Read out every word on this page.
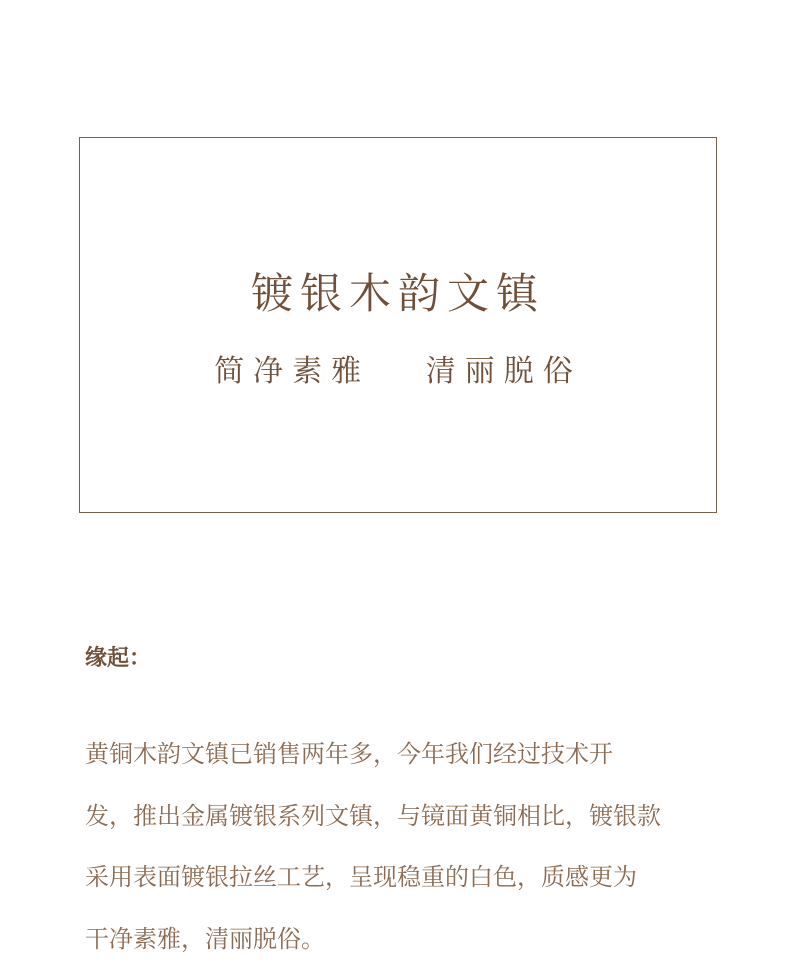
镀银木韵文镇
简净素雅   清丽脱俗
缘起：
黄铜木韵文镇已销售两年多，今年我们经过技术开
发，推出金属镀银系列文镇，与镜面黄铜相比，镀银款
采用表面镀银拉丝工艺，呈现稳重的白色，质感更为
干净素雅，清丽脱俗。
